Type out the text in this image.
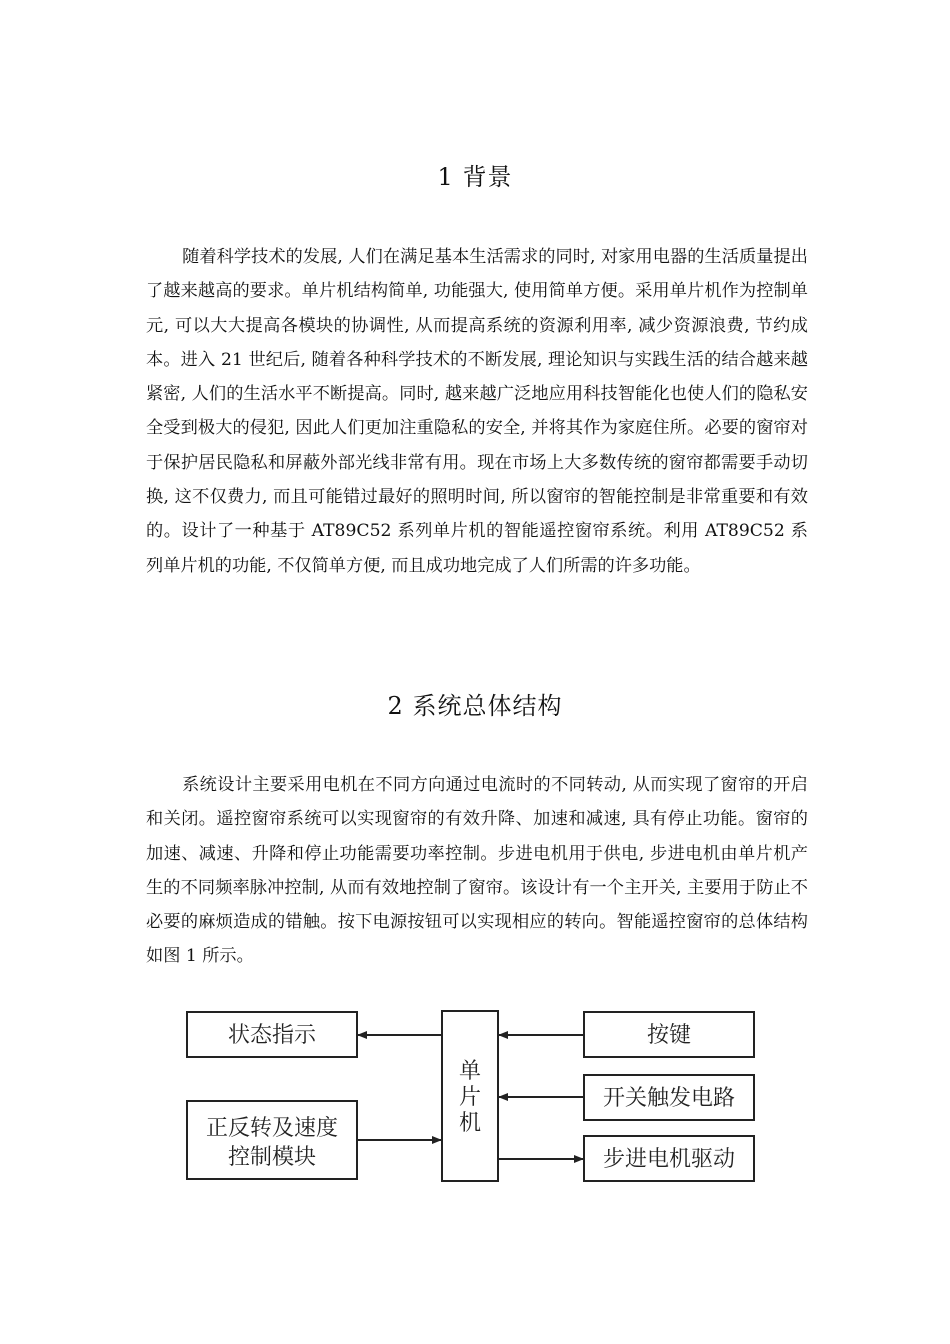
1 背景

随着科学技术的发展, 人们在满足基本生活需求的同时, 对家用电器的生活质量提出了越来越高的要求。单片机结构简单, 功能强大, 使用简单方便。采用单片机作为控制单元, 可以大大提高各模块的协调性, 从而提高系统的资源利用率, 减少资源浪费, 节约成本。进入 21 世纪后, 随着各种科学技术的不断发展, 理论知识与实践生活的结合越来越紧密, 人们的生活水平不断提高。同时, 越来越广泛地应用科技智能化也使人们的隐私安全受到极大的侵犯, 因此人们更加注重隐私的安全, 并将其作为家庭住所。必要的窗帘对于保护居民隐私和屏蔽外部光线非常有用。现在市场上大多数传统的窗帘都需要手动切换, 这不仅费力, 而且可能错过最好的照明时间, 所以窗帘的智能控制是非常重要和有效的。设计了一种基于 AT89C52 系列单片机的智能遥控窗帘系统。利用 AT89C52 系列单片机的功能, 不仅简单方便, 而且成功地完成了人们所需的许多功能。

2 系统总体结构

系统设计主要采用电机在不同方向通过电流时的不同转动, 从而实现了窗帘的开启和关闭。遥控窗帘系统可以实现窗帘的有效升降、加速和减速, 具有停止功能。窗帘的加速、减速、升降和停止功能需要功率控制。步进电机用于供电, 步进电机由单片机产生的不同频率脉冲控制, 从而有效地控制了窗帘。该设计有一个主开关, 主要用于防止不必要的麻烦造成的错触。按下电源按钮可以实现相应的转向。智能遥控窗帘的总体结构如图 1 所示。

单
片
机
状态指示
正反转及速度
控制模块
按键
开关触发电路
步进电机驱动
